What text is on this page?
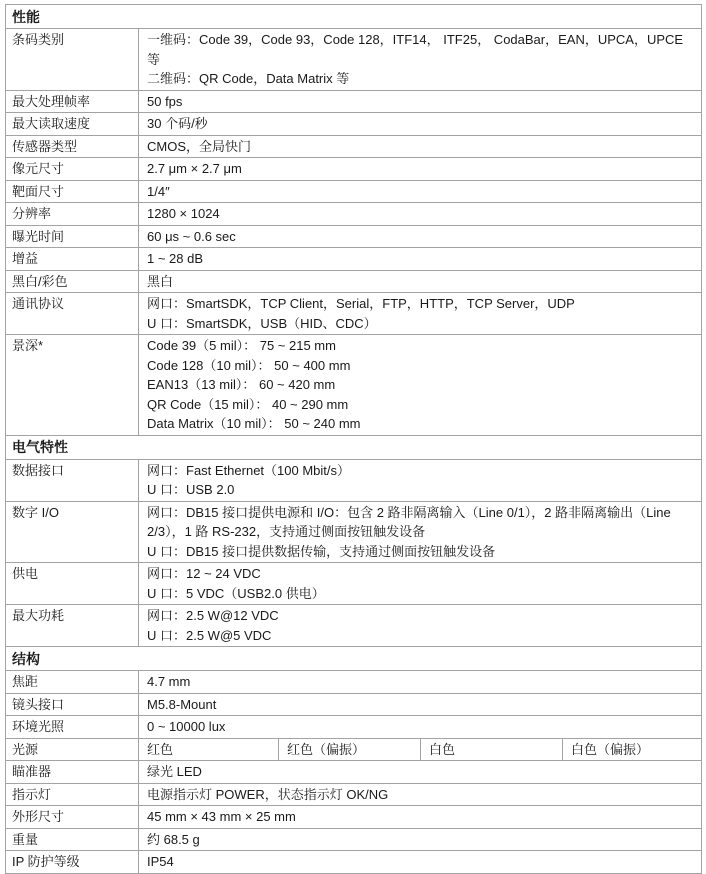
性能				
条码类别	一维码：Code 39，Code 93，Code 128，ITF14， ITF25， CodaBar，EAN，UPCA，UPCE 等
二维码：QR Code，Data Matrix 等			

最大处理帧率	50 fps			

最大读取速度	30 个码/秒			

传感器类型	CMOS，全局快门			

像元尺寸	2.7 μm × 2.7 μm			

靶面尺寸	1/4″			

分辨率	1280 × 1024			

曝光时间	60 μs ~ 0.6 sec			

增益	1 ~ 28 dB			

黑白/彩色	黑白			

通讯协议	网口：SmartSDK，TCP Client，Serial，FTP，HTTP，TCP Server，UDP
U 口：SmartSDK，USB（HID、CDC）			

景深*	Code 39（5 mil）： 75 ~ 215 mm
Code 128（10 mil）： 50 ~ 400 mm
EAN13（13 mil）： 60 ~ 420 mm
QR Code（15 mil）： 40 ~ 290 mm
Data Matrix（10 mil）： 50 ~ 240 mm			

电气特性				
数据接口	网口：Fast Ethernet（100 Mbit/s）
U 口：USB 2.0			

数字 I/O	网口：DB15 接口提供电源和 I/O：包含 2 路非隔离输入（Line 0/1），2 路非隔离输出（Line 2/3），1 路 RS-232，支持通过侧面按钮触发设备
U 口：DB15 接口提供数据传输，支持通过侧面按钮触发设备			

供电	网口：12 ~ 24 VDC
U 口：5 VDC（USB2.0 供电）			

最大功耗	网口：2.5 W@12 VDC
U 口：2.5 W@5 VDC			

结构				
焦距	4.7 mm			

镜头接口	M5.8-Mount			

环境光照	0 ~ 10000 lux			

光源	红色	红色（偏振）	白色	白色（偏振）
瞄准器	绿光 LED			

指示灯	电源指示灯 POWER，状态指示灯 OK/NG			

外形尺寸	45 mm × 43 mm × 25 mm			

重量	约 68.5 g			

IP 防护等级	IP54			
